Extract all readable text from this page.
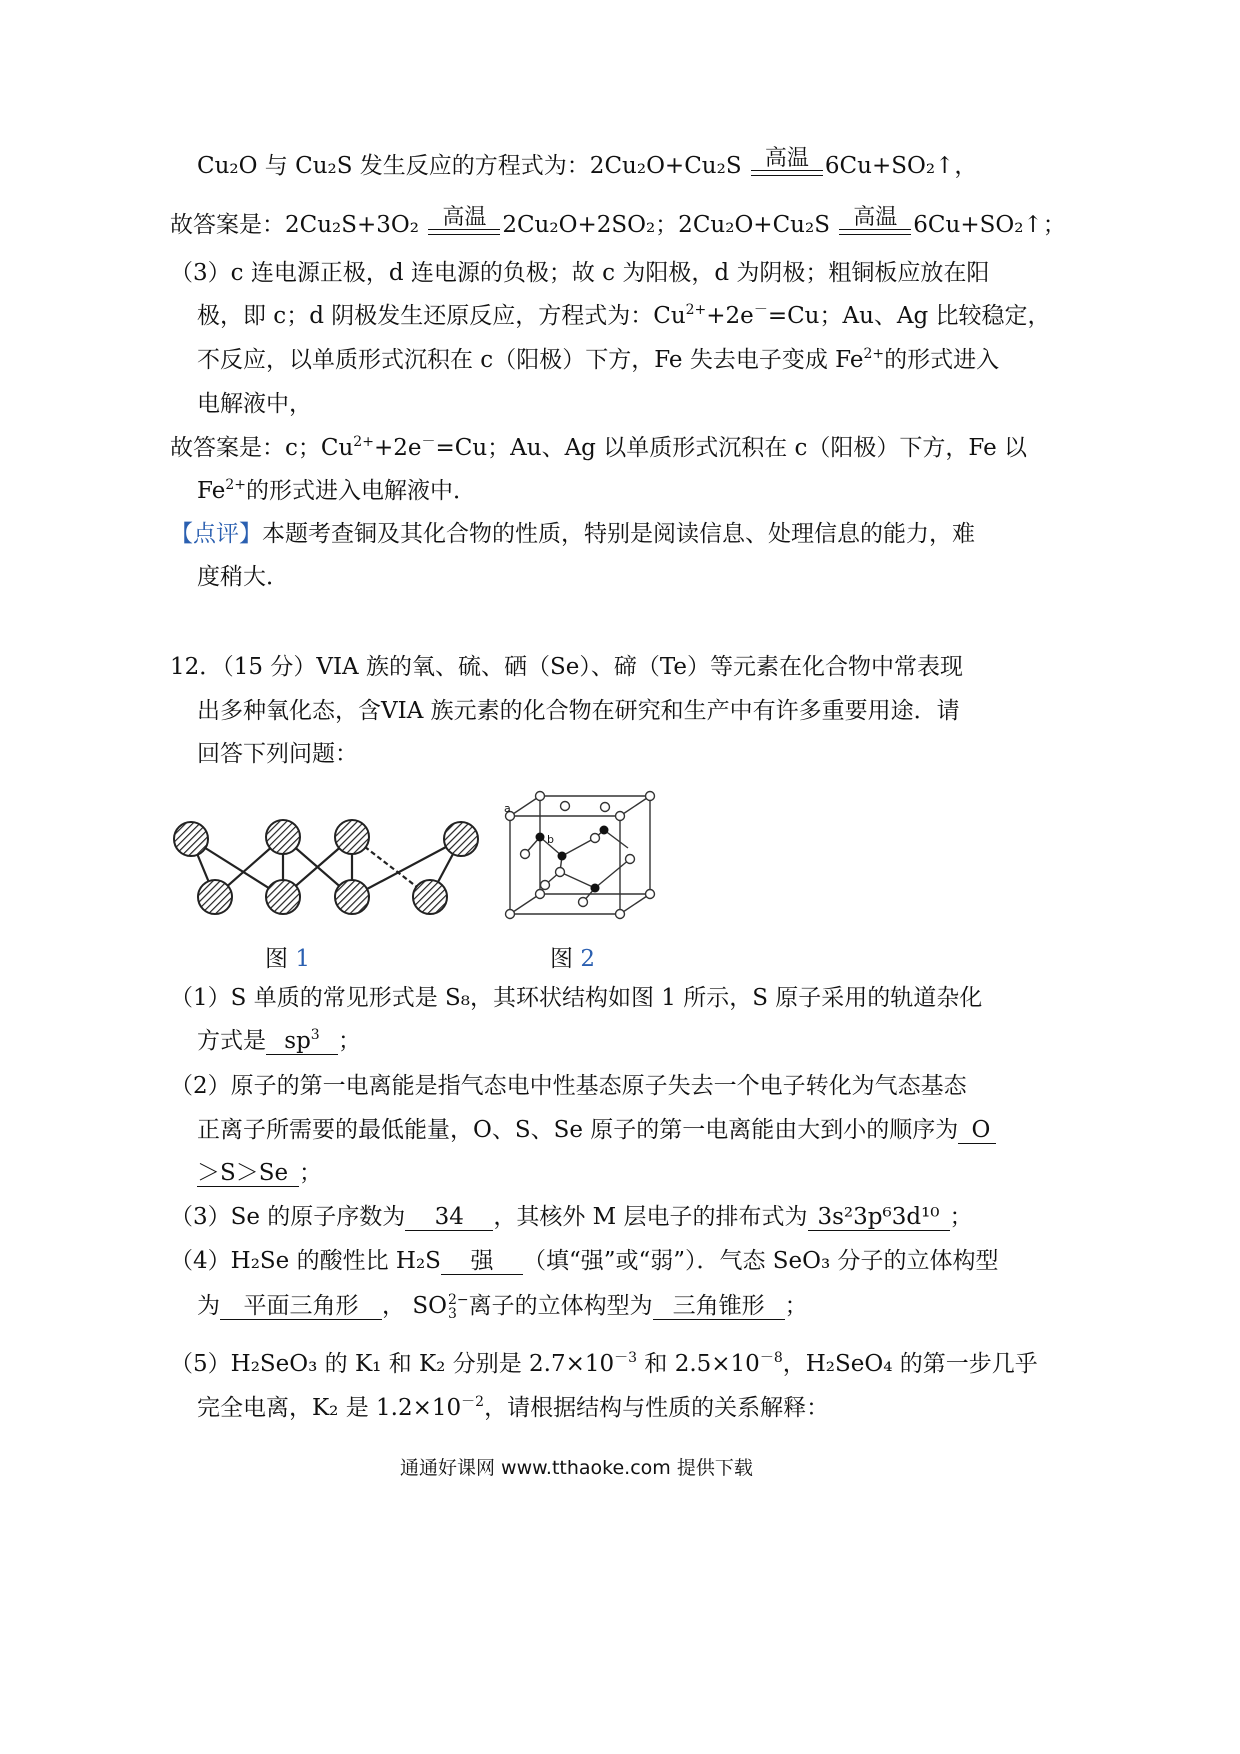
Cu₂O 与 Cu₂S 发生反应的方程式为：2Cu₂O+Cu₂S 高温 6Cu+SO₂↑，
故答案是：2Cu₂S+3O₂ 高温 2Cu₂O+2SO₂；2Cu₂O+Cu₂S 高温 6Cu+SO₂↑；
（3）c 连电源正极，d 连电源的负极；故 c 为阳极，d 为阴极；粗铜板应放在阳
极，即 c；d 阴极发生还原反应，方程式为：$Cu^{2+}+2e^-=Cu$；Au、Ag 比较稳定，
不反应，以单质形式沉积在 c（阳极）下方，Fe 失去电子变成 $Fe^{2+}$的形式进入
电解液中，
故答案是：c；$Cu^{2+}+2e^-=Cu$；Au、Ag 以单质形式沉积在 c（阳极）下方，Fe 以
$Fe^{2+}$的形式进入电解液中．
【点评】本题考查铜及其化合物的性质，特别是阅读信息、处理信息的能力，难
度稍大．
12．（15 分）VIA 族的氧、硫、硒（Se）、碲（Te）等元素在化合物中常表现
出多种氧化态，含VIA 族元素的化合物在研究和生产中有许多重要用途．请
回答下列问题：
a
b
图 1	图 2
（1）S 单质的常见形式是 S₈，其环状结构如图 1 所示，S 原子采用的轨道杂化
方式是 $sp^3$ ；
（2）原子的第一电离能是指气态电中性基态原子失去一个电子转化为气态基态
正离子所需要的最低能量，O、S、Se 原子的第一电离能由大到小的顺序为 O
＞S＞Se ；
（3）Se 的原子序数为 34 ，其核外 M 层电子的排布式为 3s²3p⁶3d¹⁰ ；
（4）H₂Se 的酸性比 H₂S 强 （填“强”或“弱”）．气态 SeO₃ 分子的立体构型
为 平面三角形 ， SO 2−
3 离子的立体构型为 三角锥形 ；
（5）H₂SeO₃ 的 K₁ 和 K₂ 分别是 $2.7\times 10^{-3}$ 和 $2.5\times 10^{-8}$，H₂SeO₄ 的第一步几乎
完全电离，K₂ 是 $1.2\times 10^{-2}$，请根据结构与性质的关系解释：
通通好课网 www.tthaoke.com 提供下载
